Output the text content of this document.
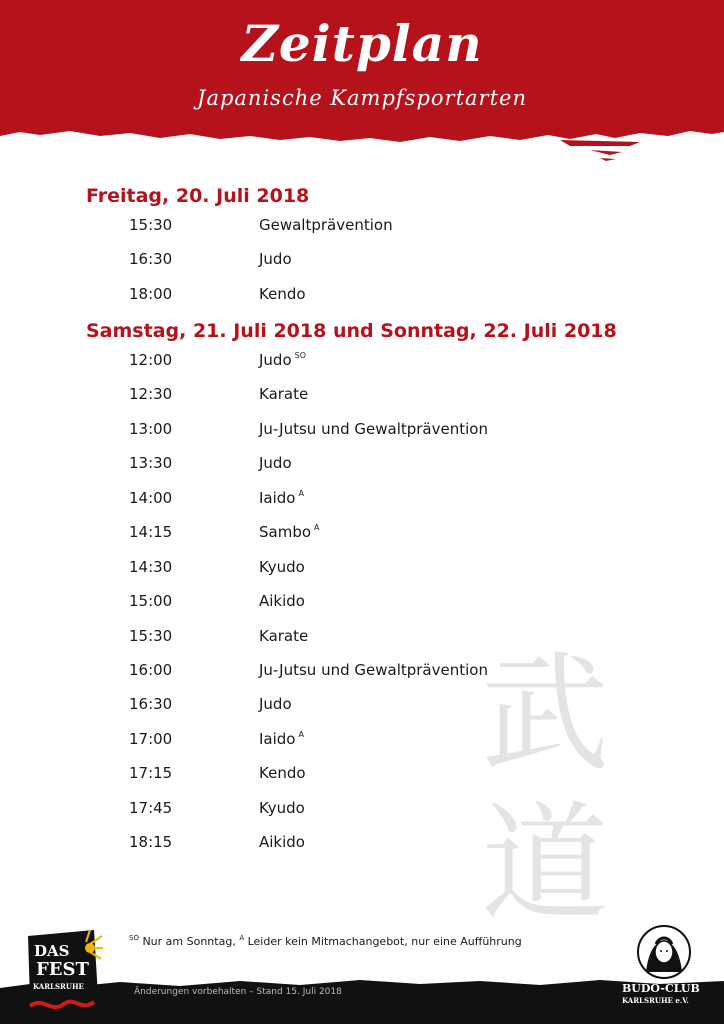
Zeitplan
Japanische Kampfsportarten
武
道
Freitag, 20. Juli 2018
15:30	Gewaltprävention
16:30	Judo
18:00	Kendo
Samstag, 21. Juli 2018 und Sonntag, 22. Juli 2018
12:00	Judo $^{SO}$
12:30	Karate
13:00	Ju-Jutsu und Gewaltprävention
13:30	Judo
14:00	Iaido $^A$
14:15	Sambo $^A$
14:30	Kyudo
15:00	Aikido
15:30	Karate
16:00	Ju-Jutsu und Gewaltprävention
16:30	Judo
17:00	Iaido $^A$
17:15	Kendo
17:45	Kyudo
18:15	Aikido
$^{SO}$ Nur am Sonntag, $^A$ Leider kein Mitmachangebot, nur eine Aufführung
Änderungen vorbehalten – Stand 15. Juli 2018
DAS
FEST
KARLSRUHE	BUDO-CLUB
KARLSRUHE e.V.
